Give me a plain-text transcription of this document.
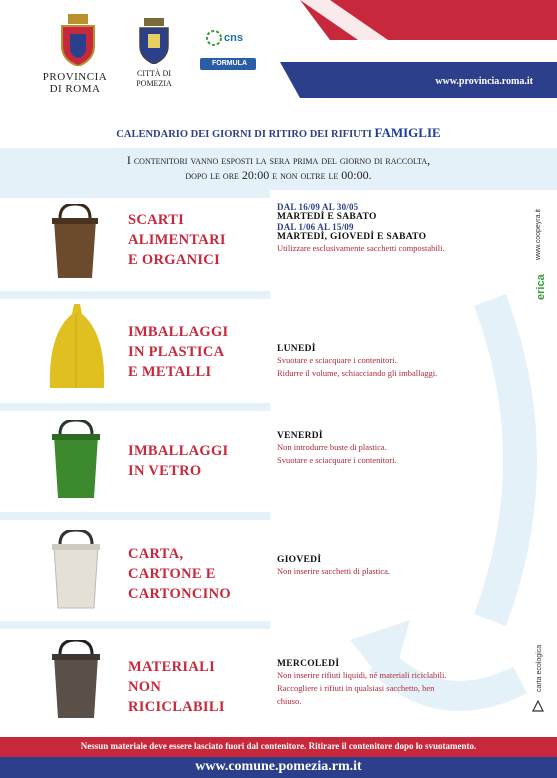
PROVINCIA
DI ROMA
CITTÀ DI
POMEZIA
cns
FORMULA
www.provincia.roma.it
CALENDARIO DEI GIORNI DI RITIRO DEI RIFIUTI FAMIGLIE
I contenitori vanno esposti la sera prima del giorno di raccolta,
dopo le ore 20:00 e non oltre le 00:00.
SCARTI
ALIMENTARI
E ORGANICI
DAL 16/09 AL 30/05
MARTEDÌ E SABATO
DAL 1/06 AL 15/09
MARTEDÌ, GIOVEDÌ E SABATO
Utilizzare esclusivamente sacchetti compostabili.
IMBALLAGGI
IN PLASTICA
E METALLI
LUNEDÌ
Svuotare e sciacquare i contenitori.
Ridurre il volume, schiacciando gli imballaggi.
IMBALLAGGI
IN VETRO
VENERDÌ
Non introdurre buste di plastica.
Svuotare e sciacquare i contenitori.
CARTA,
CARTONE E
CARTONCINO
GIOVEDÌ
Non inserire sacchetti di plastica.
MATERIALI
NON
RICICLABILI
MERCOLEDÌ
Non inserire rifiuti liquidi, né materiali riciclabili.
Raccogliere i rifiuti in qualsiasi sacchetto, ben
chiuso.
www.coopeyra.it
erica
carta ecologica
Nessun materiale deve essere lasciato fuori dal contenitore. Ritirare il contenitore dopo lo svuotamento.
www.comune.pomezia.rm.it
